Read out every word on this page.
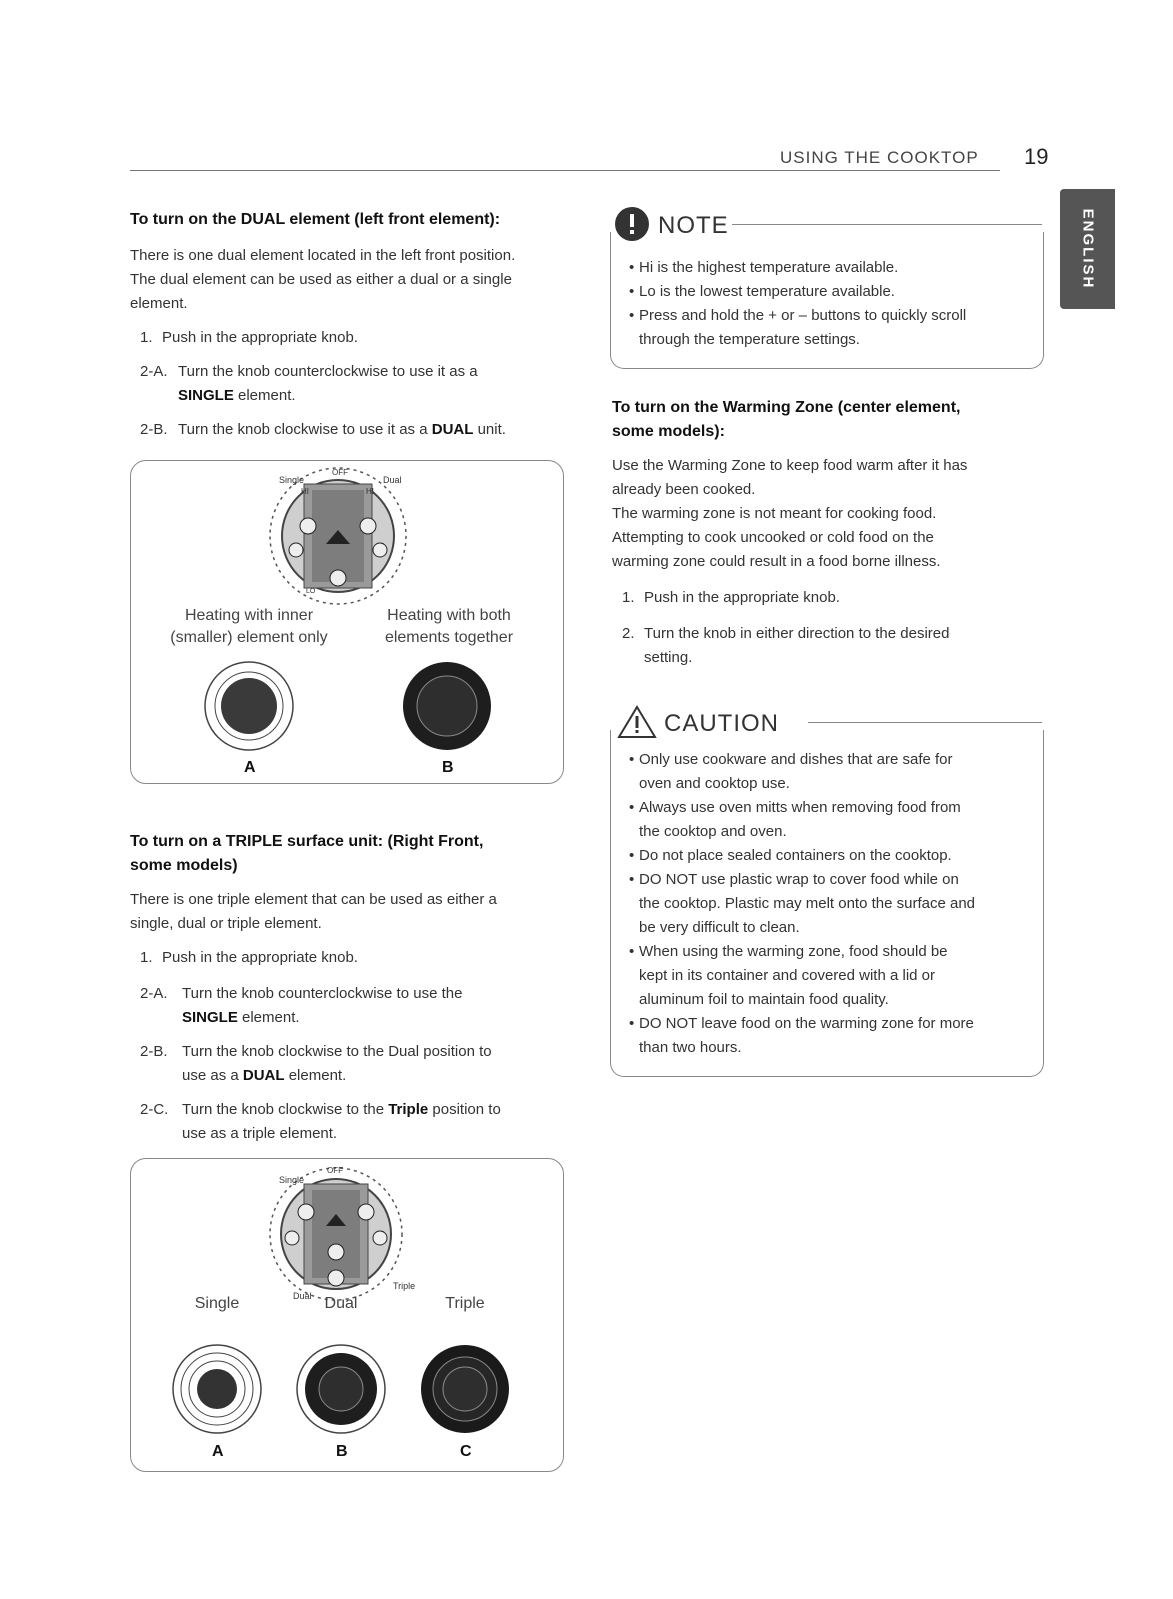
USING THE COOKTOP 19
ENGLISH
To turn on the DUAL element (left front element):
There is one dual element located in the left front position.
The dual element can be used as either a dual or a single
element.
1. Push in the appropriate knob.
2-A. Turn the knob counterclockwise to use it as a
SINGLE element.
2-B. Turn the knob clockwise to use it as a DUAL unit.
Single
HI
OFF
HI
Dual
LO
Heating with inner
(smaller) element only
Heating with both
elements together
A	B
To turn on a TRIPLE surface unit: (Right Front,
some models)
There is one triple element that can be used as either a
single, dual or triple element.
1. Push in the appropriate knob.
2-A. Turn the knob counterclockwise to use the
SINGLE element.
2-B. Turn the knob clockwise to the Dual position to
use as a DUAL element.
2-C. Turn the knob clockwise to the Triple position to
use as a triple element.
OFF
Single
Dual
Triple
Single	Dual	Triple
A	B	C
NOTE
• Hi is the highest temperature available.
• Lo is the lowest temperature available.
• Press and hold the + or – buttons to quickly scroll
through the temperature settings.
To turn on the Warming Zone (center element,
some models):
Use the Warming Zone to keep food warm after it has
already been cooked.
The warming zone is not meant for cooking food.
Attempting to cook uncooked or cold food on the
warming zone could result in a food borne illness.
1. Push in the appropriate knob.
2. Turn the knob in either direction to the desired
setting.
CAUTION
• Only use cookware and dishes that are safe for
oven and cooktop use.
• Always use oven mitts when removing food from
the cooktop and oven.
• Do not place sealed containers on the cooktop.
• DO NOT use plastic wrap to cover food while on
the cooktop. Plastic may melt onto the surface and
be very difficult to clean.
• When using the warming zone, food should be
kept in its container and covered with a lid or
aluminum foil to maintain food quality.
• DO NOT leave food on the warming zone for more
than two hours.
